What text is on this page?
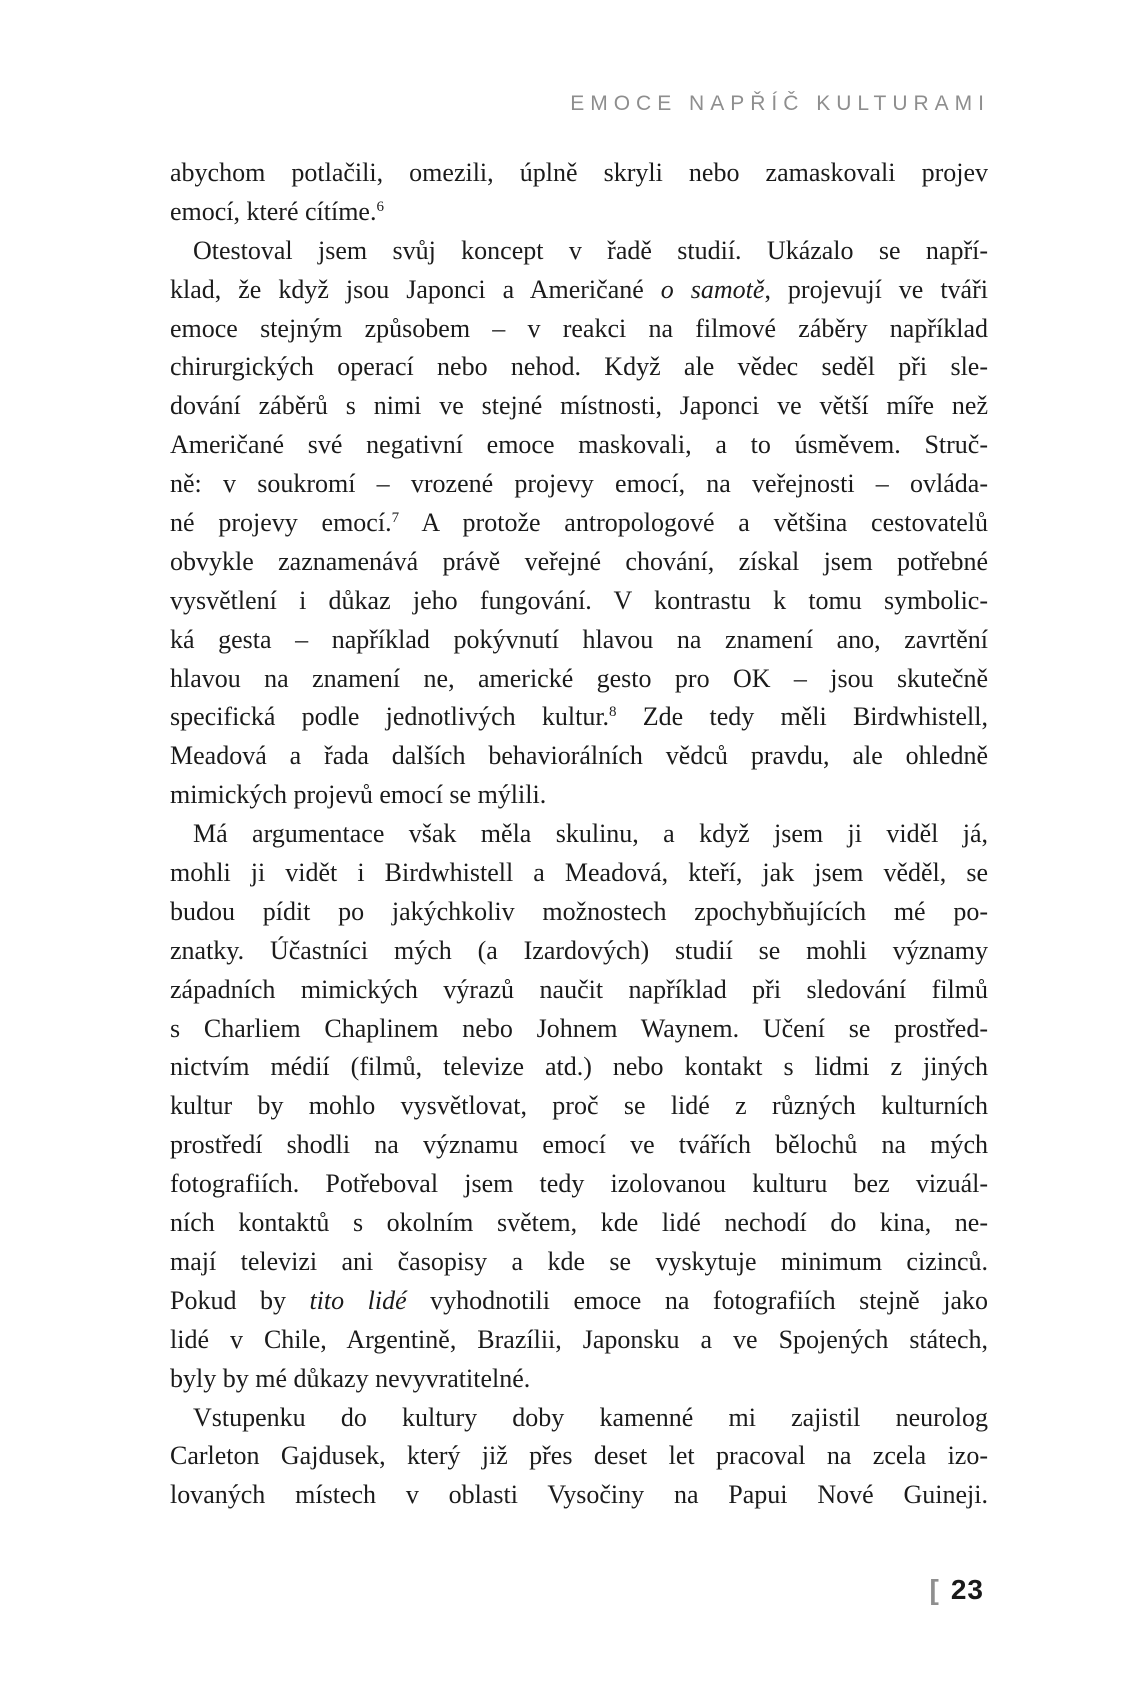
EMOCE NAPŘÍČ KULTURAMI
abychom potlačili, omezili, úplně skryli nebo zamaskovali projev
emocí, které cítíme.$^6$
Otestoval jsem svůj koncept v řadě studií. Ukázalo se napří-
klad, že když jsou Japonci a Američané o samotě, projevují ve tváři
emoce stejným způsobem – v reakci na filmové záběry například
chirurgických operací nebo nehod. Když ale vědec seděl při sle-
dování záběrů s nimi ve stejné místnosti, Japonci ve větší míře než
Američané své negativní emoce maskovali, a to úsměvem. Struč-
ně: v soukromí – vrozené projevy emocí, na veřejnosti – ovláda-
né projevy emocí.$^7$ A protože antropologové a většina cestovatelů
obvykle zaznamenává právě veřejné chování, získal jsem potřebné
vysvětlení i důkaz jeho fungování. V kontrastu k tomu symbolic-
ká gesta – například pokývnutí hlavou na znamení ano, zavrtění
hlavou na znamení ne, americké gesto pro OK – jsou skutečně
specifická podle jednotlivých kultur.$^8$ Zde tedy měli Birdwhistell,
Meadová a řada dalších behaviorálních vědců pravdu, ale ohledně
mimických projevů emocí se mýlili.
Má argumentace však měla skulinu, a když jsem ji viděl já,
mohli ji vidět i Birdwhistell a Meadová, kteří, jak jsem věděl, se
budou pídit po jakýchkoliv možnostech zpochybňujících mé po-
znatky. Účastníci mých (a Izardových) studií se mohli významy
západních mimických výrazů naučit například při sledování filmů
s Charliem Chaplinem nebo Johnem Waynem. Učení se prostřed-
nictvím médií (filmů, televize atd.) nebo kontakt s lidmi z jiných
kultur by mohlo vysvětlovat, proč se lidé z různých kulturních
prostředí shodli na významu emocí ve tvářích bělochů na mých
fotografiích. Potřeboval jsem tedy izolovanou kulturu bez vizuál-
ních kontaktů s okolním světem, kde lidé nechodí do kina, ne-
mají televizi ani časopisy a kde se vyskytuje minimum cizinců.
Pokud by tito lidé vyhodnotili emoce na fotografiích stejně jako
lidé v Chile, Argentině, Brazílii, Japonsku a ve Spojených státech,
byly by mé důkazy nevyvratitelné.
Vstupenku do kultury doby kamenné mi zajistil neurolog
Carleton Gajdusek, který již přes deset let pracoval na zcela izo-
lovaných místech v oblasti Vysočiny na Papui Nové Guineji.
[ 23
